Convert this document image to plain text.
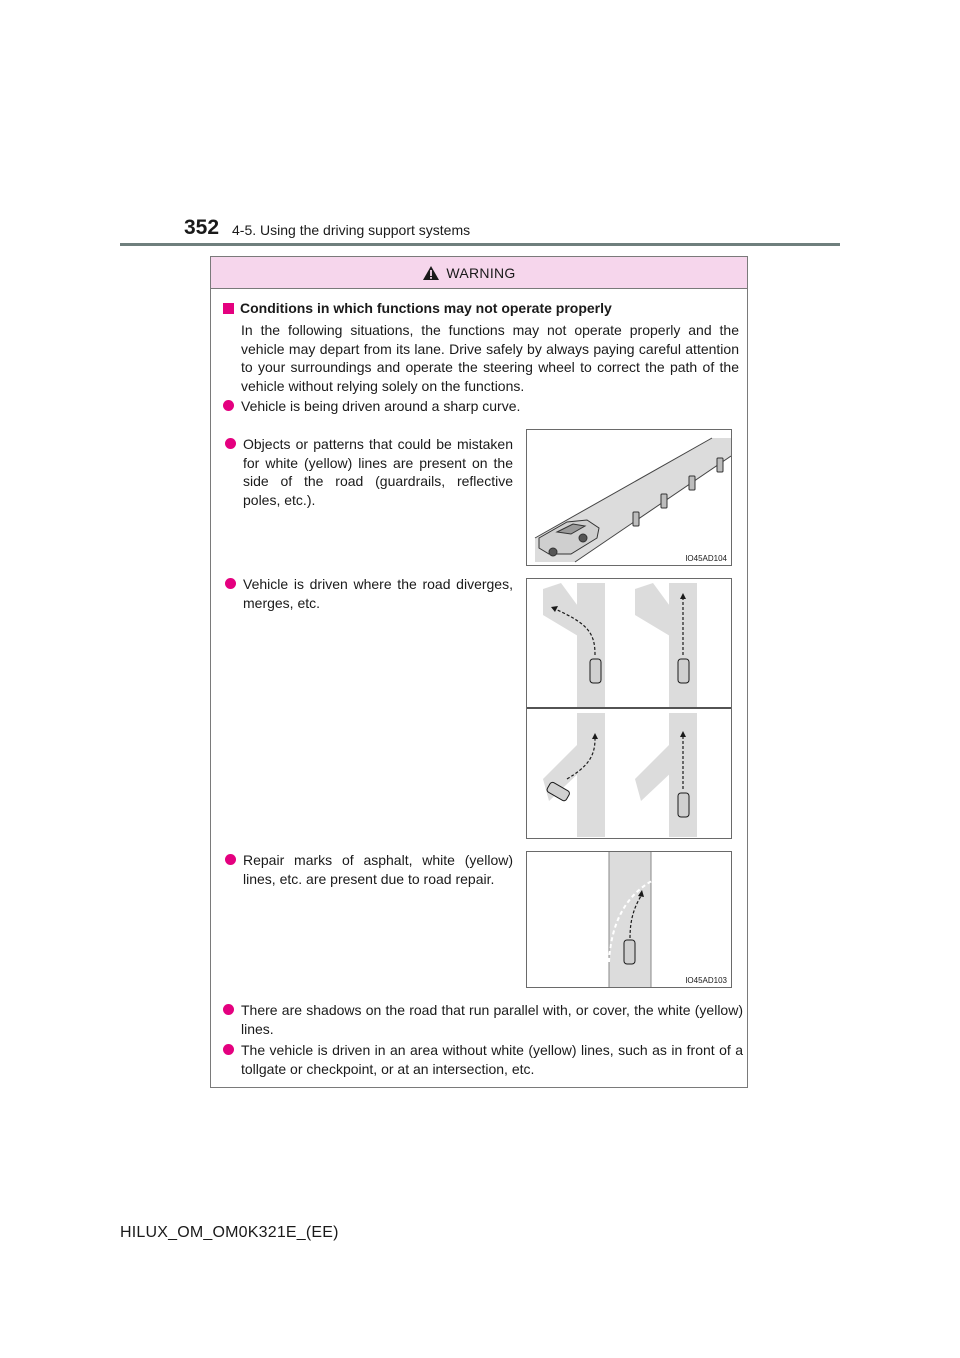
352 4-5. Using the driving support systems
WARNING
Conditions in which functions may not operate properly
In the following situations, the functions may not operate properly and the vehicle may depart from its lane. Drive safely by always paying careful attention to your surroundings and operate the steering wheel to correct the path of the vehicle without relying solely on the functions.
Vehicle is being driven around a sharp curve.
Objects or patterns that could be mistaken for white (yellow) lines are present on the side of the road (guardrails, reflective poles, etc.).
IO45AD104
Vehicle is driven where the road diverges, merges, etc.
Repair marks of asphalt, white (yellow) lines, etc. are present due to road repair.
IO45AD103
There are shadows on the road that run parallel with, or cover, the white (yellow) lines.
The vehicle is driven in an area without white (yellow) lines, such as in front of a tollgate or checkpoint, or at an intersection, etc.
HILUX_OM_OM0K321E_(EE)
